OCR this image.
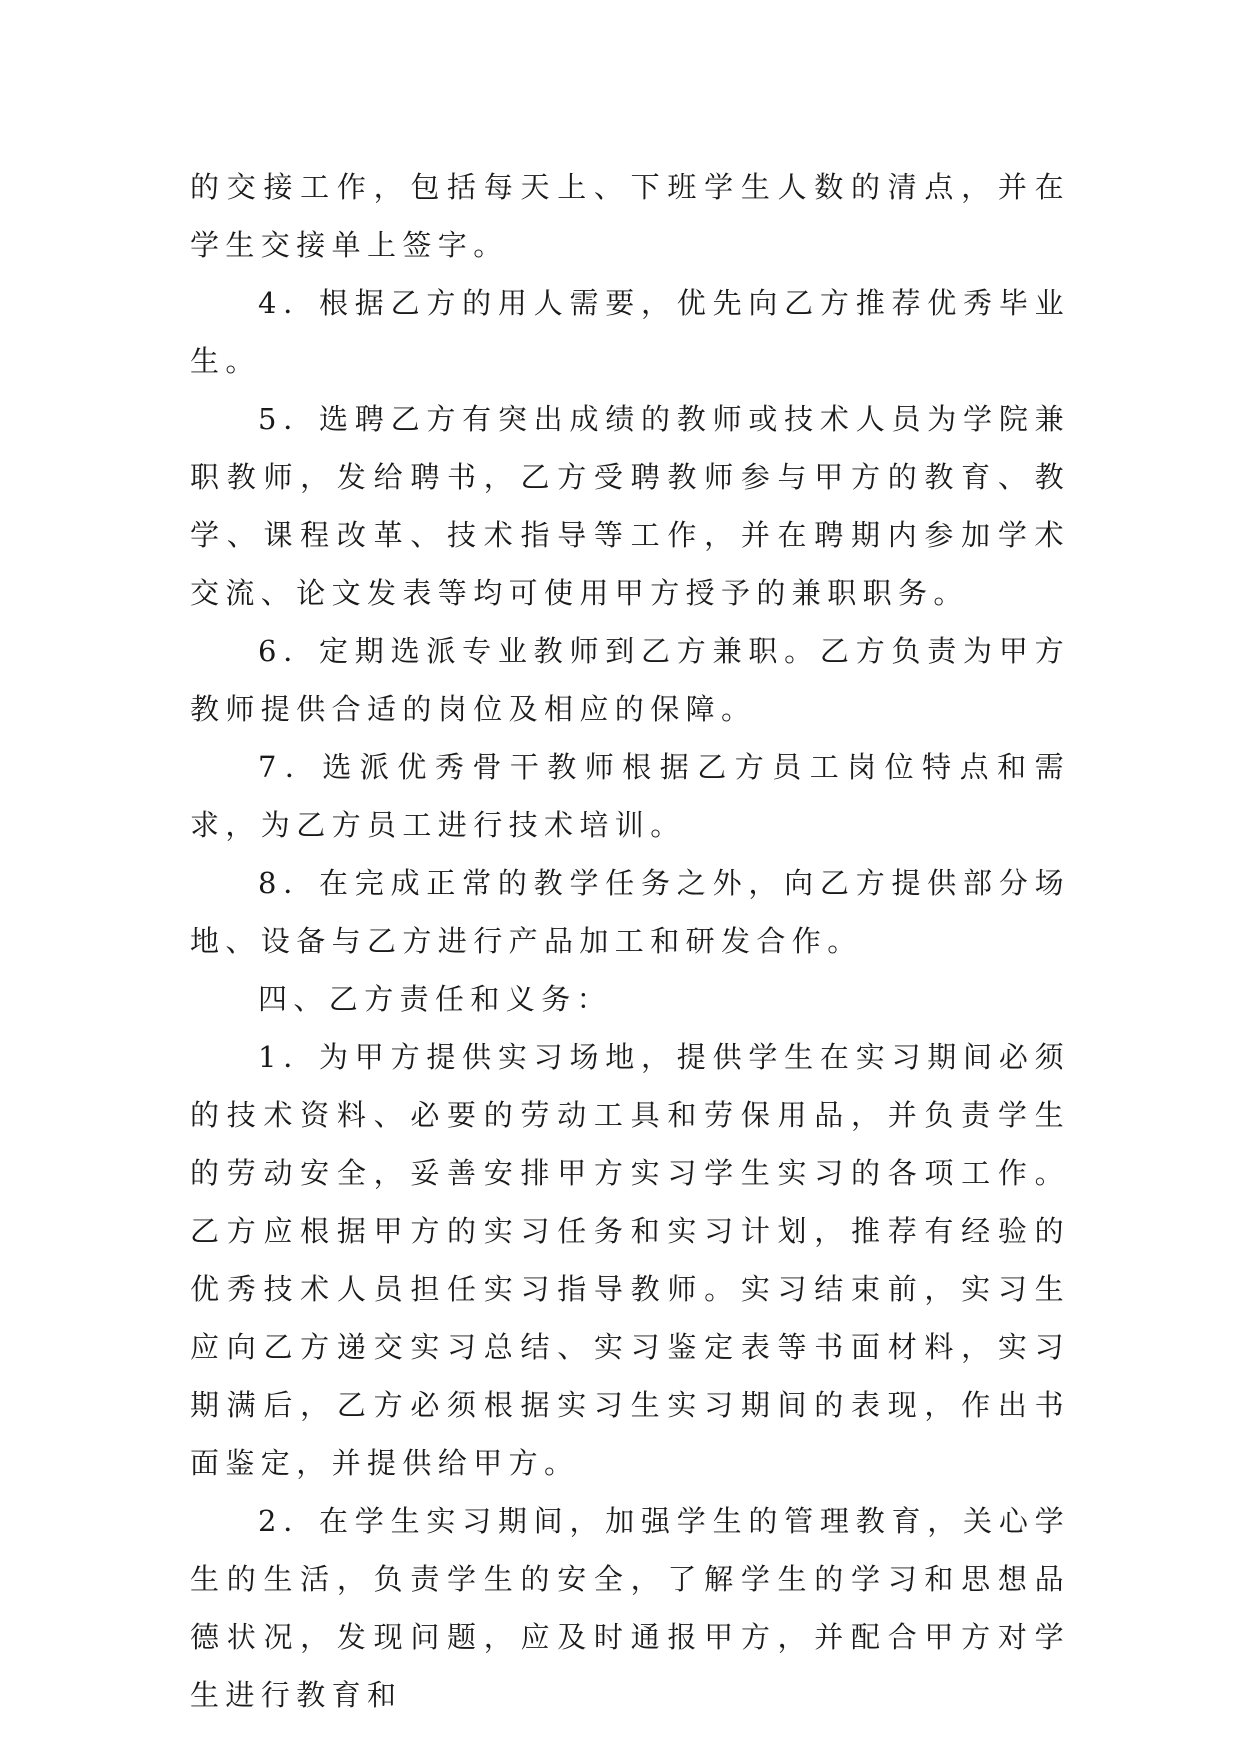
的交接工作，包括每天上、下班学生人数的清点，并在学生交接单上签字。

4．根据乙方的用人需要，优先向乙方推荐优秀毕业生。

5．选聘乙方有突出成绩的教师或技术人员为学院兼职教师，发给聘书，乙方受聘教师参与甲方的教育、教学、课程改革、技术指导等工作，并在聘期内参加学术交流、论文发表等均可使用甲方授予的兼职职务。

6．定期选派专业教师到乙方兼职。乙方负责为甲方教师提供合适的岗位及相应的保障。

7．选派优秀骨干教师根据乙方员工岗位特点和需求，为乙方员工进行技术培训。

8．在完成正常的教学任务之外，向乙方提供部分场地、设备与乙方进行产品加工和研发合作。

四、乙方责任和义务：

1．为甲方提供实习场地，提供学生在实习期间必须的技术资料、必要的劳动工具和劳保用品，并负责学生的劳动安全，妥善安排甲方实习学生实习的各项工作。乙方应根据甲方的实习任务和实习计划，推荐有经验的优秀技术人员担任实习指导教师。实习结束前，实习生应向乙方递交实习总结、实习鉴定表等书面材料，实习期满后，乙方必须根据实习生实习期间的表现，作出书面鉴定，并提供给甲方。

2．在学生实习期间，加强学生的管理教育，关心学生的生活，负责学生的安全，了解学生的学习和思想品德状况，发现问题，应及时通报甲方，并配合甲方对学生进行教育和
